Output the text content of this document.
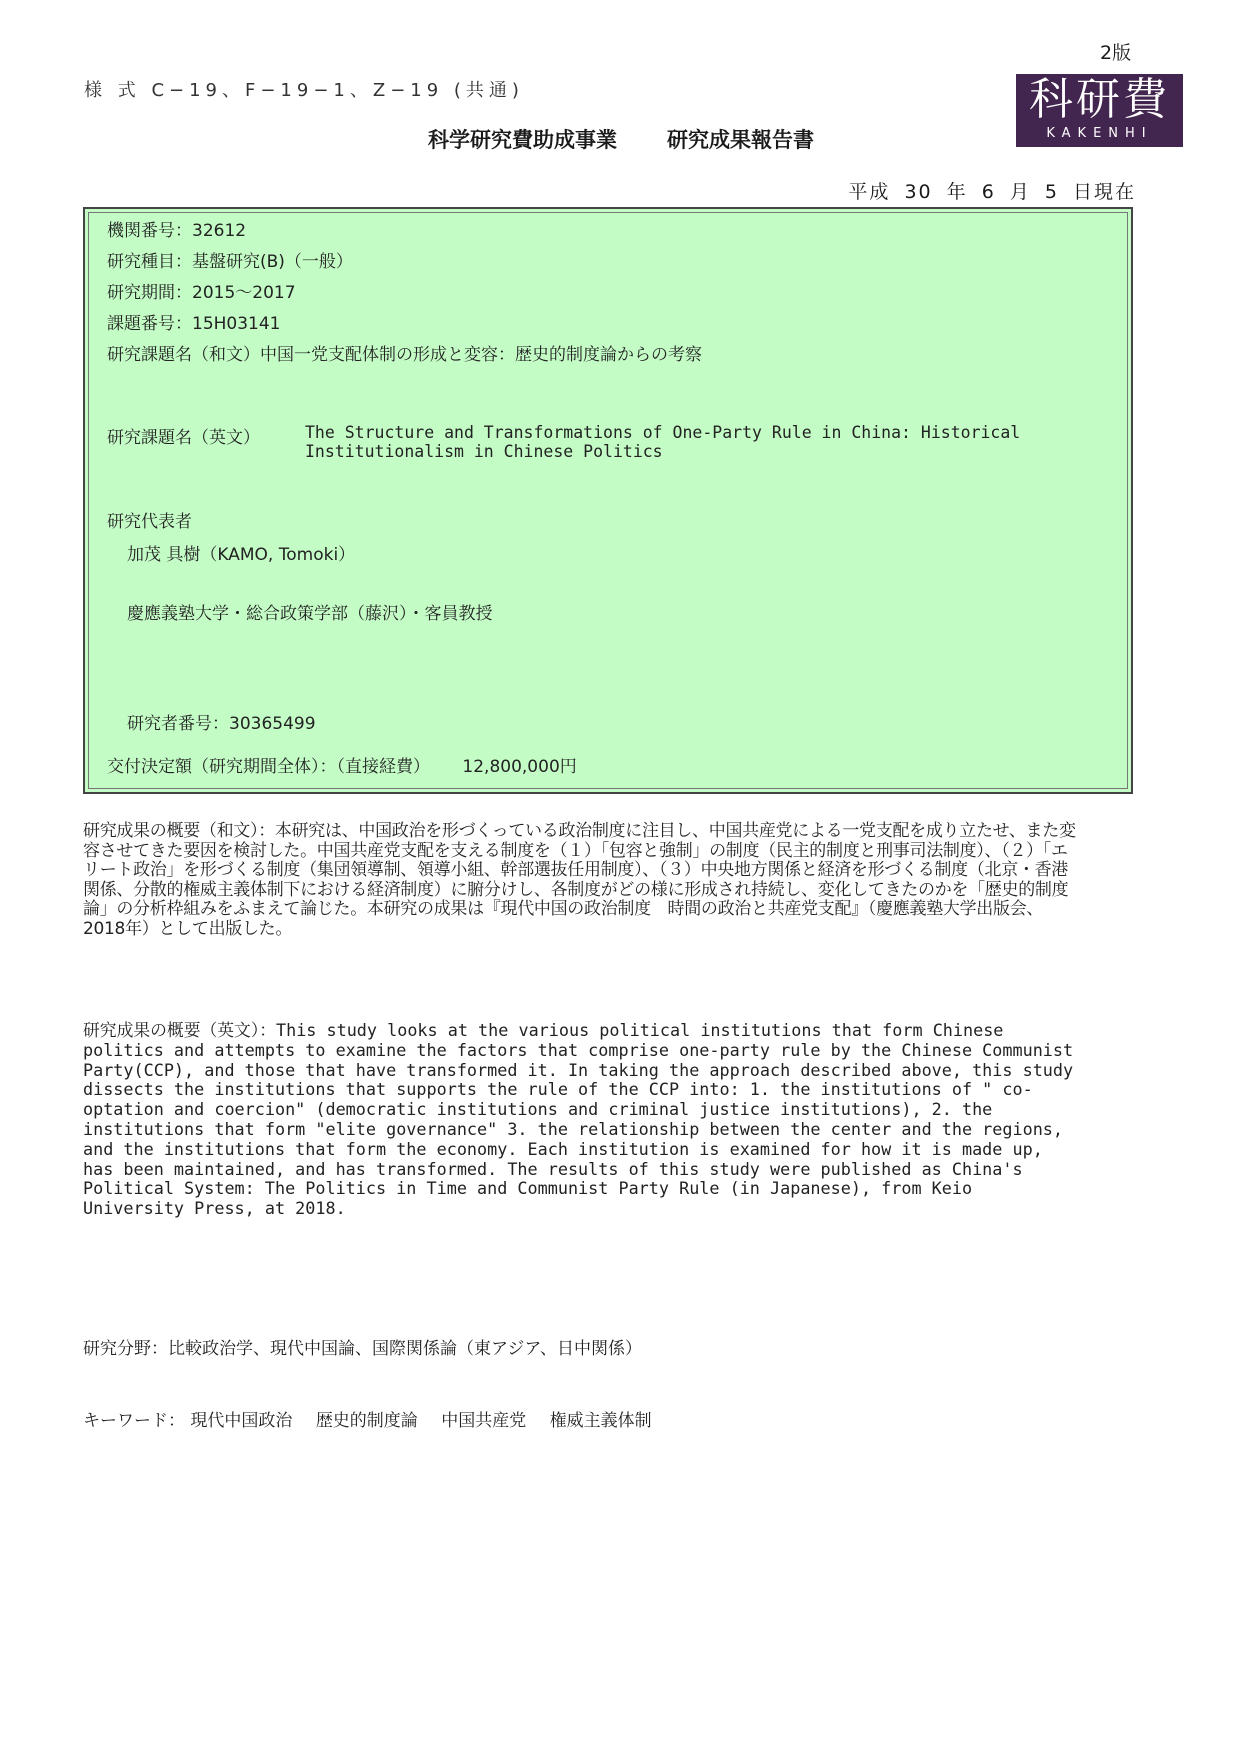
2版
様 式 C−19、F−19−1、Z−19 (共通)	科研費
KAKENHI
科学研究費助成事業 研究成果報告書
平成 30 年 6 月 5 日現在
機関番号：32612
研究種目：基盤研究(B)（一般）
研究期間：2015〜2017
課題番号：15H03141
研究課題名（和文）中国一党支配体制の形成と変容：歴史的制度論からの考察
研究課題名（英文）	The Structure and Transformations of One-Party Rule in China: Historical
Institutionalism in Chinese Politics
研究代表者
加茂 具樹（KAMO, Tomoki）
慶應義塾大学・総合政策学部（藤沢）・客員教授
研究者番号：30365499
交付決定額（研究期間全体）：（直接経費）      12,800,000円
研究成果の概要（和文）：本研究は、中国政治を形づくっている政治制度に注目し、中国共産党による一党支配を成り立たせ、また変容させてきた要因を検討した。中国共産党支配を支える制度を（１）「包容と強制」の制度（民主的制度と刑事司法制度）、（２）「エリート政治」を形づくる制度（集団領導制、領導小組、幹部選抜任用制度）、（３）中央地方関係と経済を形づくる制度（北京・香港関係、分散的権威主義体制下における経済制度）に腑分けし、各制度がどの様に形成され持続し、変化してきたのかを「歴史的制度論」の分析枠組みをふまえて論じた。本研究の成果は『現代中国の政治制度　時間の政治と共産党支配』（慶應義塾大学出版会、2018年）として出版した。
研究成果の概要（英文）：This study looks at the various political institutions that form Chinese politics and attempts to examine the factors that comprise one-party rule by the Chinese Communist Party(CCP), and those that have transformed it. In taking the approach described above, this study dissects the institutions that supports the rule of the CCP into: 1. the institutions of " co-optation and coercion" (democratic institutions and criminal justice institutions), 2. the institutions that form "elite governance" 3. the relationship between the center and the regions, and the institutions that form the economy. Each institution is examined for how it is made up, has been maintained, and has transformed. The results of this study were published as China's Political System: The Politics in Time and Communist Party Rule (in Japanese), from Keio University Press, at 2018.
研究分野：比較政治学、現代中国論、国際関係論（東アジア、日中関係）
キーワード： 現代中国政治 歴史的制度論 中国共産党 権威主義体制
